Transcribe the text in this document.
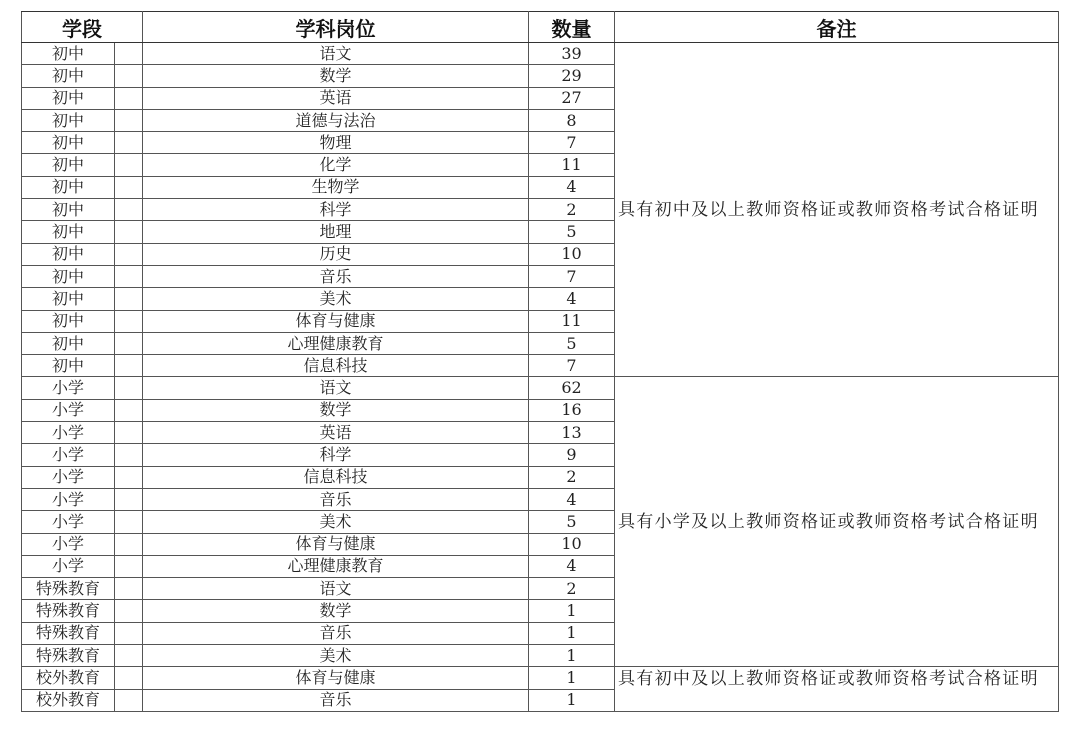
学段		学科岗位	数量	备注
初中		语文	39	具有初中及以上教师资格证或教师资格考试合格证明
初中		数学	29	
初中		英语	27	
初中		道德与法治	8	
初中		物理	7	
初中		化学	11	
初中		生物学	4	
初中		科学	2	
初中		地理	5	
初中		历史	10	
初中		音乐	7	
初中		美术	4	
初中		体育与健康	11	
初中		心理健康教育	5	
初中		信息科技	7	
小学		语文	62	具有小学及以上教师资格证或教师资格考试合格证明
小学		数学	16	
小学		英语	13	
小学		科学	9	
小学		信息科技	2	
小学		音乐	4	
小学		美术	5	
小学		体育与健康	10	
小学		心理健康教育	4	
特殊教育		语文	2	
特殊教育		数学	1	
特殊教育		音乐	1	
特殊教育		美术	1	
校外教育		体育与健康	1	具有初中及以上教师资格证或教师资格考试合格证明
校外教育		音乐	1	
